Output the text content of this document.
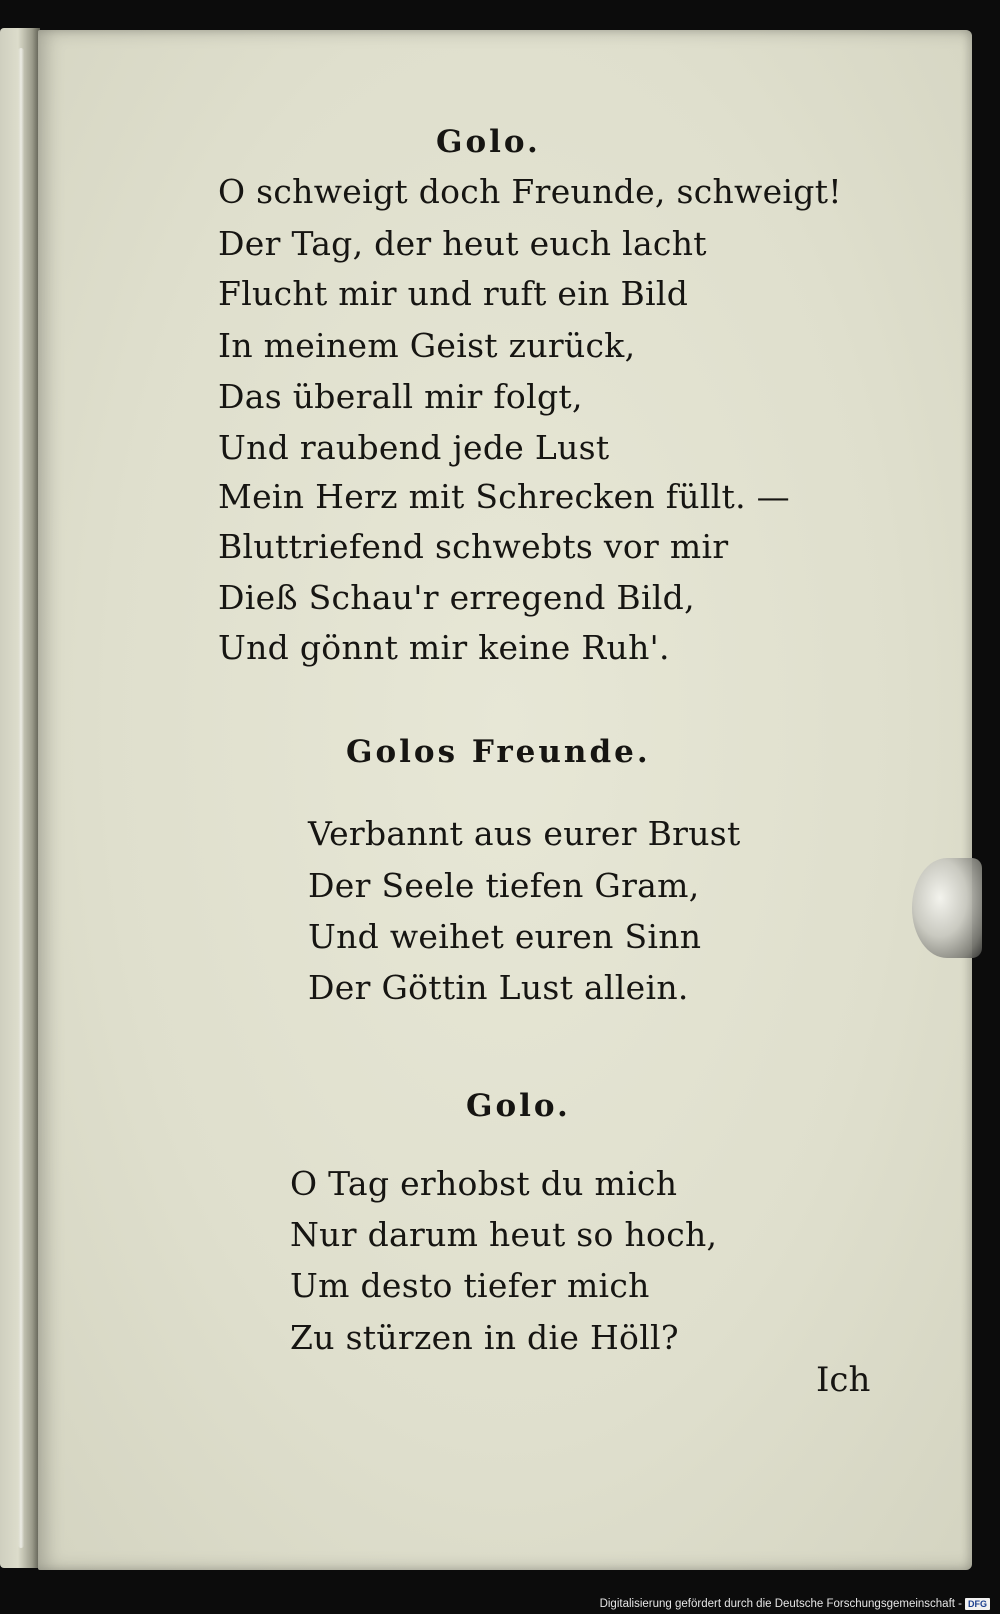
Golo.
O schweigt doch Freunde, schweigt!
Der Tag, der heut euch lacht
Flucht mir und ruft ein Bild
In meinem Geist zurück,
Das überall mir folgt,
Und raubend jede Lust
Mein Herz mit Schrecken füllt. —
Bluttriefend schwebts vor mir
Dieß Schau'r erregend Bild,
Und gönnt mir keine Ruh'.
Golos Freunde.
Verbannt aus eurer Brust
Der Seele tiefen Gram,
Und weihet euren Sinn
Der Göttin Lust allein.
Golo.
O Tag erhobst du mich
Nur darum heut so hoch,
Um desto tiefer mich
Zu stürzen in die Höll?
Ich
Digitalisierung gefördert durch die Deutsche Forschungsgemeinschaft - DFG
